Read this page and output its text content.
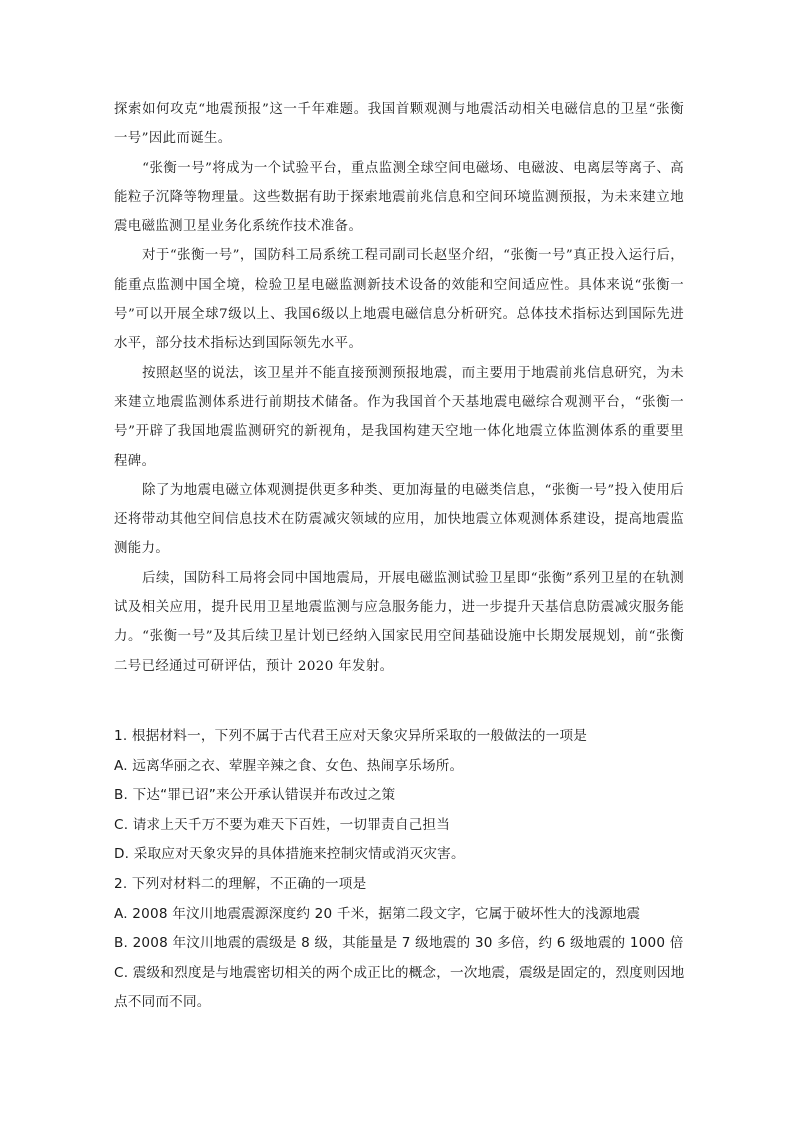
探索如何攻克“地震预报”这一千年难题。我国首颗观测与地震活动相关电磁信息的卫星“张衡一号”因此而诞生。

“张衡一号”将成为一个试验平台，重点监测全球空间电磁场、电磁波、电离层等离子、高能粒子沉降等物理量。这些数据有助于探索地震前兆信息和空间环境监测预报，为未来建立地震电磁监测卫星业务化系统作技术准备。

对于“张衡一号”，国防科工局系统工程司副司长赵坚介绍，“张衡一号”真正投入运行后，能重点监测中国全境，检验卫星电磁监测新技术设备的效能和空间适应性。具体来说“张衡一号”可以开展全球7级以上、我国6级以上地震电磁信息分析研究。总体技术指标达到国际先进水平，部分技术指标达到国际领先水平。

按照赵坚的说法，该卫星并不能直接预测预报地震，而主要用于地震前兆信息研究，为未来建立地震监测体系进行前期技术储备。作为我国首个天基地震电磁综合观测平台，“张衡一号”开辟了我国地震监测研究的新视角，是我国构建天空地一体化地震立体监测体系的重要里程碑。

除了为地震电磁立体观测提供更多种类、更加海量的电磁类信息，“张衡一号”投入使用后还将带动其他空间信息技术在防震减灾领域的应用，加快地震立体观测体系建设，提高地震监测能力。

后续，国防科工局将会同中国地震局，开展电磁监测试验卫星即“张衡”系列卫星的在轨测试及相关应用，提升民用卫星地震监测与应急服务能力，进一步提升天基信息防震减灾服务能力。“张衡一号”及其后续卫星计划已经纳入国家民用空间基础设施中长期发展规划，前“张衡二号已经通过可研评估，预计 2020 年发射。

1. 根据材料一，下列不属于古代君王应对天象灾异所采取的一般做法的一项是

A. 远离华丽之衣、荤腥辛辣之食、女色、热闹享乐场所。

B. 下达“罪已诏”来公开承认错误并布改过之策

C. 请求上天千万不要为难天下百姓，一切罪责自己担当

D. 采取应对天象灾异的具体措施来控制灾情或消灭灾害。

2. 下列对材料二的理解，不正确的一项是

A. 2008 年汶川地震震源深度约 20 千米，据第二段文字，它属于破坏性大的浅源地震

B. 2008 年汶川地震的震级是 8 级，其能量是 7 级地震的 30 多倍，约 6 级地震的 1000 倍

C. 震级和烈度是与地震密切相关的两个成正比的概念，一次地震，震级是固定的，烈度则因地点不同而不同。
